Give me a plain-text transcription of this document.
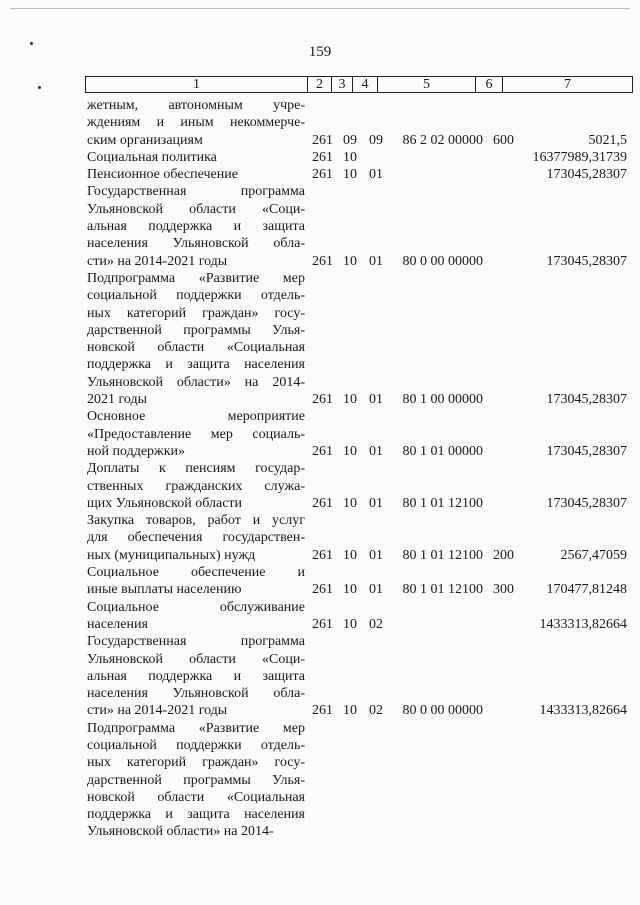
159
1	2	3	4	5	6	7
жетным, автономным учре-
ждениям и иным некоммерче-
ским организациям	261 09 09	86 2 02 00000 600	5021,5
Социальная политика	261 10	16377989,31739
Пенсионное обеспечение	261 10 01	173045,28307
Государственная программа
Ульяновской области «Соци-
альная поддержка и защита
населения Ульяновской обла-
сти» на 2014-2021 годы	261 10 01	80 0 00 00000	173045,28307
Подпрограмма «Развитие мер
социальной поддержки отдель-
ных категорий граждан» госу-
дарственной программы Улья-
новской области «Социальная
поддержка и защита населения
Ульяновской области» на 2014-
2021 годы	261 10 01	80 1 00 00000	173045,28307
Основное мероприятие
«Предоставление мер социаль-
ной поддержки»	261 10 01	80 1 01 00000	173045,28307
Доплаты к пенсиям государ-
ственных гражданских служа-
щих Ульяновской области	261 10 01	80 1 01 12100	173045,28307
Закупка товаров, работ и услуг
для обеспечения государствен-
ных (муниципальных) нужд	261 10 01	80 1 01 12100 200	2567,47059
Социальное обеспечение и
иные выплаты населению	261 10 01	80 1 01 12100 300	170477,81248
Социальное обслуживание
населения	261 10 02	1433313,82664
Государственная программа
Ульяновской области «Соци-
альная поддержка и защита
населения Ульяновской обла-
сти» на 2014-2021 годы	261 10 02	80 0 00 00000	1433313,82664
Подпрограмма «Развитие мер
социальной поддержки отдель-
ных категорий граждан» госу-
дарственной программы Улья-
новской области «Социальная
поддержка и защита населения
Ульяновской области» на 2014-
